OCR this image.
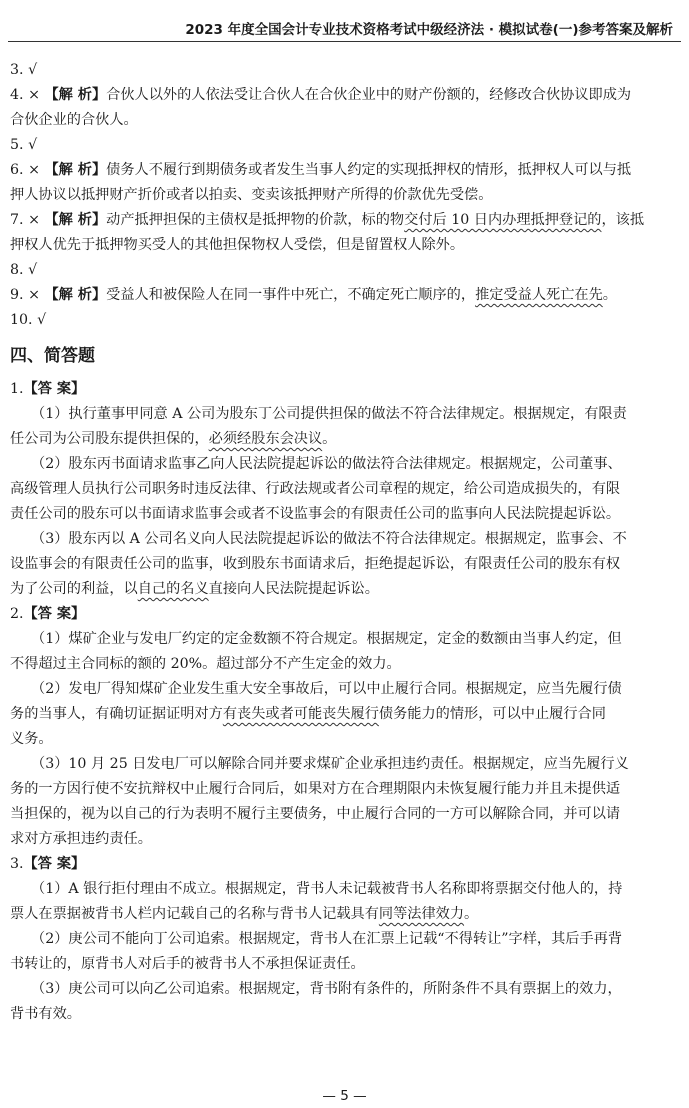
2023 年度全国会计专业技术资格考试中级经济法 · 模拟试卷(一)参考答案及解析
3. √
4. × 【解 析】合伙人以外的人依法受让合伙人在合伙企业中的财产份额的，经修改合伙协议即成为
合伙企业的合伙人。
5. √
6. × 【解 析】债务人不履行到期债务或者发生当事人约定的实现抵押权的情形，抵押权人可以与抵
押人协议以抵押财产折价或者以拍卖、变卖该抵押财产所得的价款优先受偿。
7. × 【解 析】动产抵押担保的主债权是抵押物的价款，标的物交付后 10 日内办理抵押登记的，该抵
押权人优先于抵押物买受人的其他担保物权人受偿，但是留置权人除外。
8. √
9. × 【解 析】受益人和被保险人在同一事件中死亡，不确定死亡顺序的，推定受益人死亡在先。
10. √
四、简答题
1.【答 案】
（1）执行董事甲同意 A 公司为股东丁公司提供担保的做法不符合法律规定。根据规定，有限责
任公司为公司股东提供担保的，必须经股东会决议。
（2）股东丙书面请求监事乙向人民法院提起诉讼的做法符合法律规定。根据规定，公司董事、
高级管理人员执行公司职务时违反法律、行政法规或者公司章程的规定，给公司造成损失的，有限
责任公司的股东可以书面请求监事会或者不设监事会的有限责任公司的监事向人民法院提起诉讼。
（3）股东丙以 A 公司名义向人民法院提起诉讼的做法不符合法律规定。根据规定，监事会、不
设监事会的有限责任公司的监事，收到股东书面请求后，拒绝提起诉讼，有限责任公司的股东有权
为了公司的利益，以自己的名义直接向人民法院提起诉讼。
2.【答 案】
（1）煤矿企业与发电厂约定的定金数额不符合规定。根据规定，定金的数额由当事人约定，但
不得超过主合同标的额的 20%。超过部分不产生定金的效力。
（2）发电厂得知煤矿企业发生重大安全事故后，可以中止履行合同。根据规定，应当先履行债
务的当事人，有确切证据证明对方有丧失或者可能丧失履行债务能力的情形，可以中止履行合同
义务。
（3）10 月 25 日发电厂可以解除合同并要求煤矿企业承担违约责任。根据规定，应当先履行义
务的一方因行使不安抗辩权中止履行合同后，如果对方在合理期限内未恢复履行能力并且未提供适
当担保的，视为以自己的行为表明不履行主要债务，中止履行合同的一方可以解除合同，并可以请
求对方承担违约责任。
3.【答 案】
（1）A 银行拒付理由不成立。根据规定，背书人未记载被背书人名称即将票据交付他人的，持
票人在票据被背书人栏内记载自己的名称与背书人记载具有同等法律效力。
（2）庚公司不能向丁公司追索。根据规定，背书人在汇票上记载“不得转让”字样，其后手再背
书转让的，原背书人对后手的被背书人不承担保证责任。
（3）庚公司可以向乙公司追索。根据规定，背书附有条件的，所附条件不具有票据上的效力，
背书有效。
— 5 —
